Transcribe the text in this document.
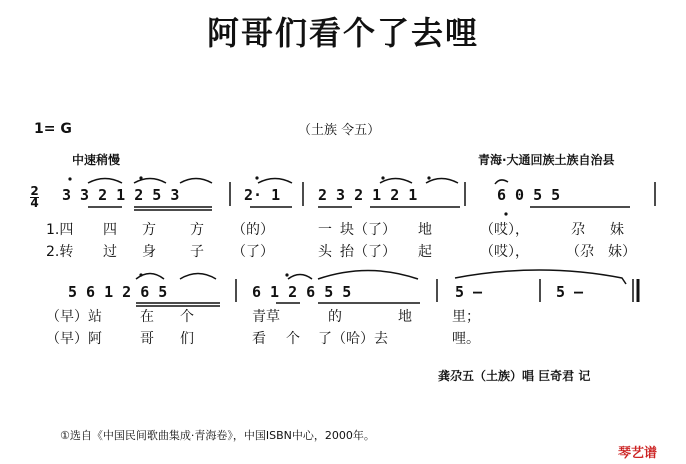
阿哥们看个了去哩
1= G	（土族 令五）
中速稍慢	青海·大通回族土族自治县
2
4 3 3 2 1 2 5 3	2· 1	2 3 2 1 2 1	6 0 5 5
1.四 四 方 方 （的）	一 块（了） 地	（哎），	尕 妹
2.转 过 身 子 （了）	头 抬（了） 起	（哎），	（尕 妹）
5 6 1 2 6 5	6 1 2 6 5 5	5 –	5 –
（早）站	在 个	青草	的	地	里；
（早）阿	哥 们	看 个 了（哈）去	哩。
龚尕五（土族）唱 巨奇君 记
①选自《中国民间歌曲集成·青海卷》，中国ISBN中心，2000年。
琴艺谱
